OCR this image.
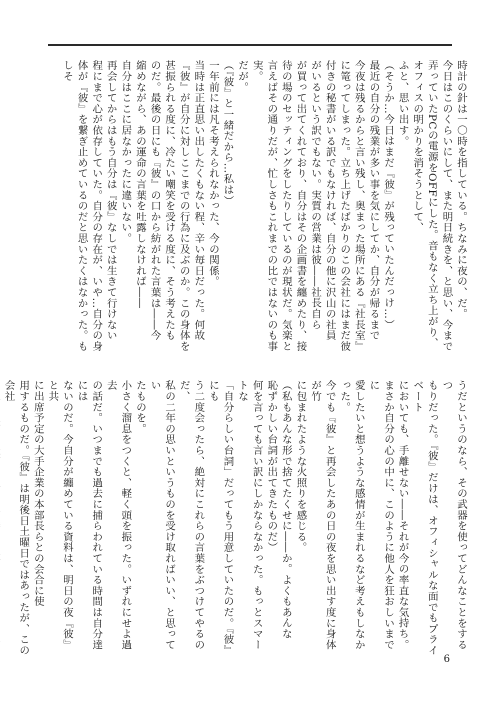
時計の針は一〇時を指している。ちなみに夜の、だ。
今日はこのくらいにして、また明日続きを、と思い、今まで
弄っていたPCの電源をOFFにした。音もなく立ち上がり、
オフィスの明かりを消そうとして、
ふと、思い出す。
（そうか…今日はまだ『彼』が残っていたんだっけ…）
最近の自分の残業が多い事を気にしてか、自分が帰るまで
今夜は残るからと言い残し、奥まった場所にある『社長室』
に篭ってしまった。立ち上げたばかりのこの会社にはまだ彼
付きの秘書がいる訳でもなければ、自分の他に沢山の社員
がいるという訳でもない。実質の営業は彼――社長自ら
が買って出てくれており、自分はその企画書を纏めたり、接
待の場のセッティングをしたりしているのが現状だ。気楽と
言えばその通りだが、忙しさもこれまでの比ではないのも事
実。
だが。
（『彼』と一緒だから…私は）
一年前には凡そ考えられなかった、今の関係。
当時は正直思い出したくもない程、辛い毎日だった。何故
『彼』が自分に対しここまでの行為に及ぶのか。この身体を
甚振られる度に、冷たい嘲笑を受ける度に、そう考えたも
のだ。最後の日にも『彼』の口から紡がれた言葉は――今
縮めながら、あの運命の言葉を吐露しなければ――
自分はここに居なかったに違いない。
再会してからはもう自分は『彼』なしでは生きて行けない
程にまで心が依存していた。自分の存在が、いや…自分の身
体が『彼』を繋ぎ止めているのだと思いたくはなかった。もしそ
うだというのなら、その武器を使ってどんなことをするつ
もりだった。『彼』だけは、オフィシャルな面でもプライベート
においても、手離せない――それが今の率直な気持ち。
まさか自分の心の中に、このように他人を狂おしいまでに
愛したいと想うような感情が生まれるなど考えもしなかった。
今でも『彼』と再会したあの日の夜を思い出す度に身体が竹
に包まれたような火照りを感じる。
（私もあんな形で捨てたくせに――か。よくもあんな
恥ずかしい台詞が出てきたものだ）
何を言っても言い訳にしかならなかった。もっとスマートな
「自分らしい台詞」だってもう用意していたのだ。『彼』にも
う二度会ったら、絶対にこれらの言葉をぶつけてやるのだ、
私の二年の思いというものを受け取ればいい、と思ってい
たものを。
小さく溜息をつくと、軽く頭を振った。いずれにせよ過去
の話だ。いつまでも過去に捕らわれている時間は自分達には
ないのだ。今自分が纏めている資料は、明日の夜『彼』と共
に出席予定の大手企業の本部長らとの会合に使
用するものだ。『彼』は明後日土曜日ではあったが、この会社
6
